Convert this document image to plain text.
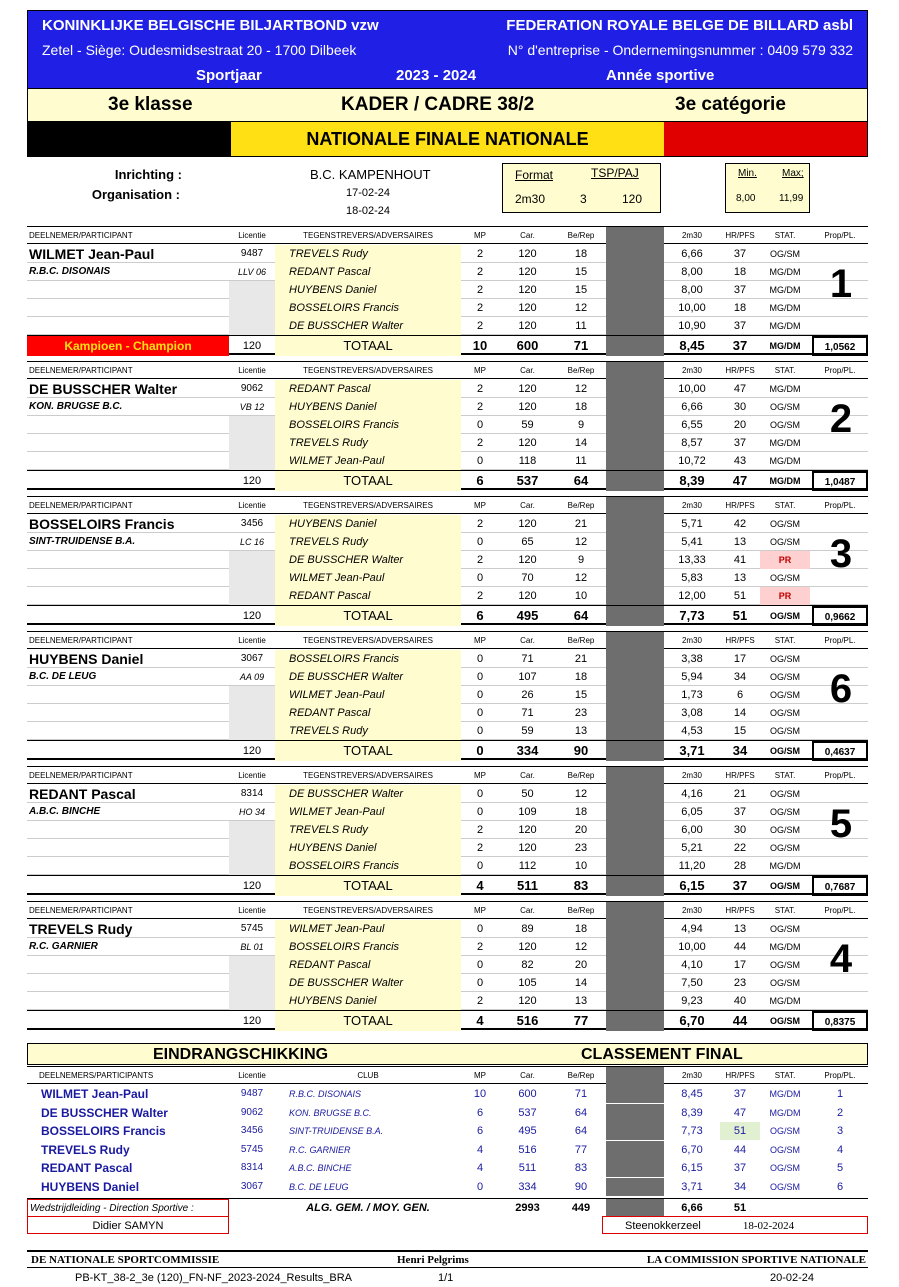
KONINKLIJKE BELGISCHE BILJARTBOND vzw	FEDERATION ROYALE BELGE DE BILLARD asbl
Zetel - Siège: Oudesmidsestraat 20 - 1700 Dilbeek	N° d'entreprise - Ondernemingsnummer : 0409 579 332
Sportjaar	2023 - 2024	Année sportive
3e klasse	KADER / CADRE 38/2	3e catégorie
NATIONALE FINALE NATIONALE
Inrichting :
Organisation :
B.C. KAMPENHOUT
17-02-24
18-02-24
Format	TSP/PAJ
2m30	3	120
Min.	Max;
8,00 11,99
DEELNEMER/PARTICIPANT	Licentie	TEGENSTREVERS/ADVERSAIRES	MP	Car.	Be/Rep	2m30	HR/PFS	STAT.	Prop/PL.
WILMET Jean-Paul	9487	TREVELS Rudy	2	120	18	6,66	37	OG/SM
R.B.C. DISONAIS	LLV 06	REDANT Pascal	2	120	15	8,00	18	MG/DM
HUYBENS Daniel	2	120	15	8,00	37	MG/DM
BOSSELOIRS Francis	2	120	12	10,00	18	MG/DM
DE BUSSCHER Walter	2	120	11	10,90	37	MG/DM
1
Kampioen - Champion	120	TOTAAL	10	600	71	8,45	37	MG/DM	1,0562
DEELNEMER/PARTICIPANT	Licentie	TEGENSTREVERS/ADVERSAIRES	MP	Car.	Be/Rep	2m30	HR/PFS	STAT.	Prop/PL.
DE BUSSCHER Walter	9062	REDANT Pascal	2	120	12	10,00	47	MG/DM
KON. BRUGSE B.C.	VB 12	HUYBENS Daniel	2	120	18	6,66	30	OG/SM
BOSSELOIRS Francis	0	59	9	6,55	20	OG/SM
TREVELS Rudy	2	120	14	8,57	37	MG/DM
WILMET Jean-Paul	0	118	11	10,72	43	MG/DM
2
120	TOTAAL	6	537	64	8,39	47	MG/DM	1,0487
DEELNEMER/PARTICIPANT	Licentie	TEGENSTREVERS/ADVERSAIRES	MP	Car.	Be/Rep	2m30	HR/PFS	STAT.	Prop/PL.
BOSSELOIRS Francis	3456	HUYBENS Daniel	2	120	21	5,71	42	OG/SM
SINT-TRUIDENSE B.A.	LC 16	TREVELS Rudy	0	65	12	5,41	13	OG/SM
DE BUSSCHER Walter	2	120	9	13,33	41	PR
WILMET Jean-Paul	0	70	12	5,83	13	OG/SM
REDANT Pascal	2	120	10	12,00	51	PR
3
120	TOTAAL	6	495	64	7,73	51	OG/SM	0,9662
DEELNEMER/PARTICIPANT	Licentie	TEGENSTREVERS/ADVERSAIRES	MP	Car.	Be/Rep	2m30	HR/PFS	STAT.	Prop/PL.
HUYBENS Daniel	3067	BOSSELOIRS Francis	0	71	21	3,38	17	OG/SM
B.C. DE LEUG	AA 09	DE BUSSCHER Walter	0	107	18	5,94	34	OG/SM
WILMET Jean-Paul	0	26	15	1,73	6	OG/SM
REDANT Pascal	0	71	23	3,08	14	OG/SM
TREVELS Rudy	0	59	13	4,53	15	OG/SM
6
120	TOTAAL	0	334	90	3,71	34	OG/SM	0,4637
DEELNEMER/PARTICIPANT	Licentie	TEGENSTREVERS/ADVERSAIRES	MP	Car.	Be/Rep	2m30	HR/PFS	STAT.	Prop/PL.
REDANT Pascal	8314	DE BUSSCHER Walter	0	50	12	4,16	21	OG/SM
A.B.C. BINCHE	HO 34	WILMET Jean-Paul	0	109	18	6,05	37	OG/SM
TREVELS Rudy	2	120	20	6,00	30	OG/SM
HUYBENS Daniel	2	120	23	5,21	22	OG/SM
BOSSELOIRS Francis	0	112	10	11,20	28	MG/DM
5
120	TOTAAL	4	511	83	6,15	37	OG/SM	0,7687
DEELNEMER/PARTICIPANT	Licentie	TEGENSTREVERS/ADVERSAIRES	MP	Car.	Be/Rep	2m30	HR/PFS	STAT.	Prop/PL.
TREVELS Rudy	5745	WILMET Jean-Paul	0	89	18	4,94	13	OG/SM
R.C. GARNIER	BL 01	BOSSELOIRS Francis	2	120	12	10,00	44	MG/DM
REDANT Pascal	0	82	20	4,10	17	OG/SM
DE BUSSCHER Walter	0	105	14	7,50	23	OG/SM
HUYBENS Daniel	2	120	13	9,23	40	MG/DM
4
120	TOTAAL	4	516	77	6,70	44	OG/SM	0,8375
EINDRANGSCHIKKING	CLASSEMENT FINAL
DEELNEMERS/PARTICIPANTS	Licentie	CLUB	MP	Car.	Be/Rep	2m30	HR/PFS	STAT.	Prop/PL.
WILMET Jean-Paul	9487	R.B.C. DISONAIS	10	600	71	8,45	37	MG/DM	1
DE BUSSCHER Walter	9062	KON. BRUGSE B.C.	6	537	64	8,39	47	MG/DM	2
BOSSELOIRS Francis	3456	SINT-TRUIDENSE B.A.	6	495	64	7,73	51	OG/SM	3
TREVELS Rudy	5745	R.C. GARNIER	4	516	77	6,70	44	OG/SM	4
REDANT Pascal	8314	A.B.C. BINCHE	4	511	83	6,15	37	OG/SM	5
HUYBENS Daniel	3067	B.C. DE LEUG	0	334	90	3,71	34	OG/SM	6
Wedstrijdleiding - Direction Sportive :	ALG. GEM. / MOY. GEN.	2993	449	6,66	51
Didier SAMYN	Steenokkerzeel	18-02-2024
DE NATIONALE SPORTCOMMISSIE	Henri Pelgrims	LA COMMISSION SPORTIVE NATIONALE
PB-KT_38-2_3e (120)_FN-NF_2023-2024_Results_BRA	1/1	20-02-24
